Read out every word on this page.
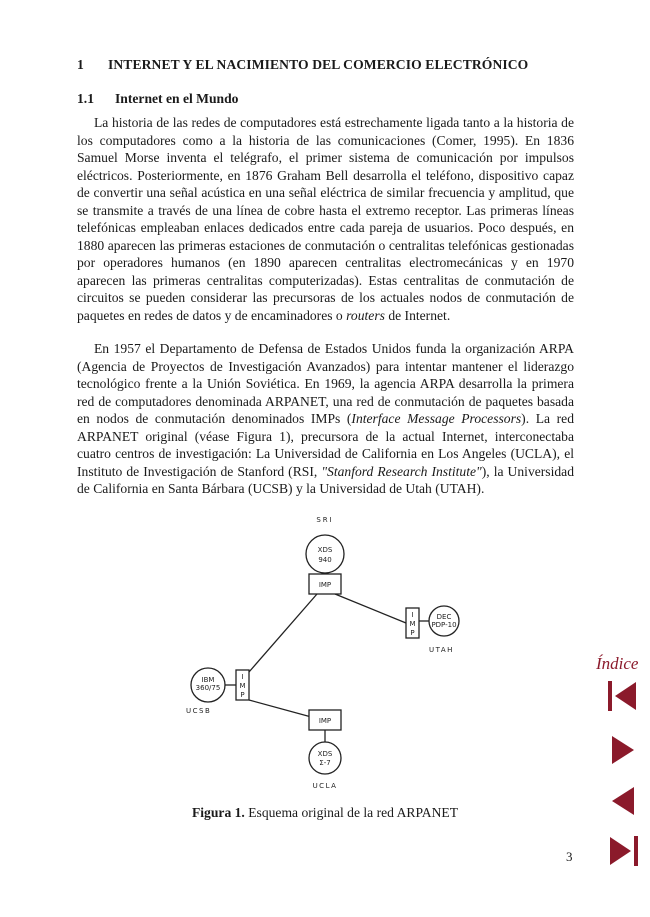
1 INTERNET Y EL NACIMIENTO DEL COMERCIO ELECTRÓNICO
1.1 Internet en el Mundo

La historia de las redes de computadores está estrechamente ligada tanto a la historia de los computadores como a la historia de las comunicaciones (Comer, 1995). En 1836 Samuel Morse inventa el telégrafo, el primer sistema de comunicación por impulsos eléctricos. Posteriormente, en 1876 Graham Bell desarrolla el teléfono, dispositivo capaz de convertir una señal acústica en una señal eléctrica de similar frecuencia y amplitud, que se transmite a través de una línea de cobre hasta el extremo receptor. Las primeras líneas telefónicas empleaban enlaces dedicados entre cada pareja de usuarios. Poco después, en 1880 aparecen las primeras estaciones de conmutación o centralitas telefónicas gestionadas por operadores humanos (en 1890 aparecen centralitas electromecánicas y en 1970 aparecen las primeras centralitas computerizadas). Estas centralitas de conmutación de circuitos se pueden considerar las precursoras de los actuales nodos de conmutación de paquetes en redes de datos y de encaminadores o routers de Internet.

En 1957 el Departamento de Defensa de Estados Unidos funda la organización ARPA (Agencia de Proyectos de Investigación Avanzados) para intentar mantener el liderazgo tecnológico frente a la Unión Soviética. En 1969, la agencia ARPA desarrolla la primera red de computadores denominada ARPANET, una red de conmutación de paquetes basada en nodos de conmutación denominados IMPs (Interface Message Processors). La red ARPANET original (véase Figura 1), precursora de la actual Internet, interconectaba cuatro centros de investigación: La Universidad de California en Los Angeles (UCLA), el Instituto de Investigación de Stanford (RSI, "Stanford Research Institute"), la Universidad de California en Santa Bárbara (UCSB) y la Universidad de Utah (UTAH).

SRI
XDS
940
IMP
I
M
P
DEC
PDP-10
UTAH
IBM
360/75
I
M
P
UCSB
IMP
XDS
Σ-7
UCLA
Figura 1. Esquema original de la red ARPANET
3
Índice
